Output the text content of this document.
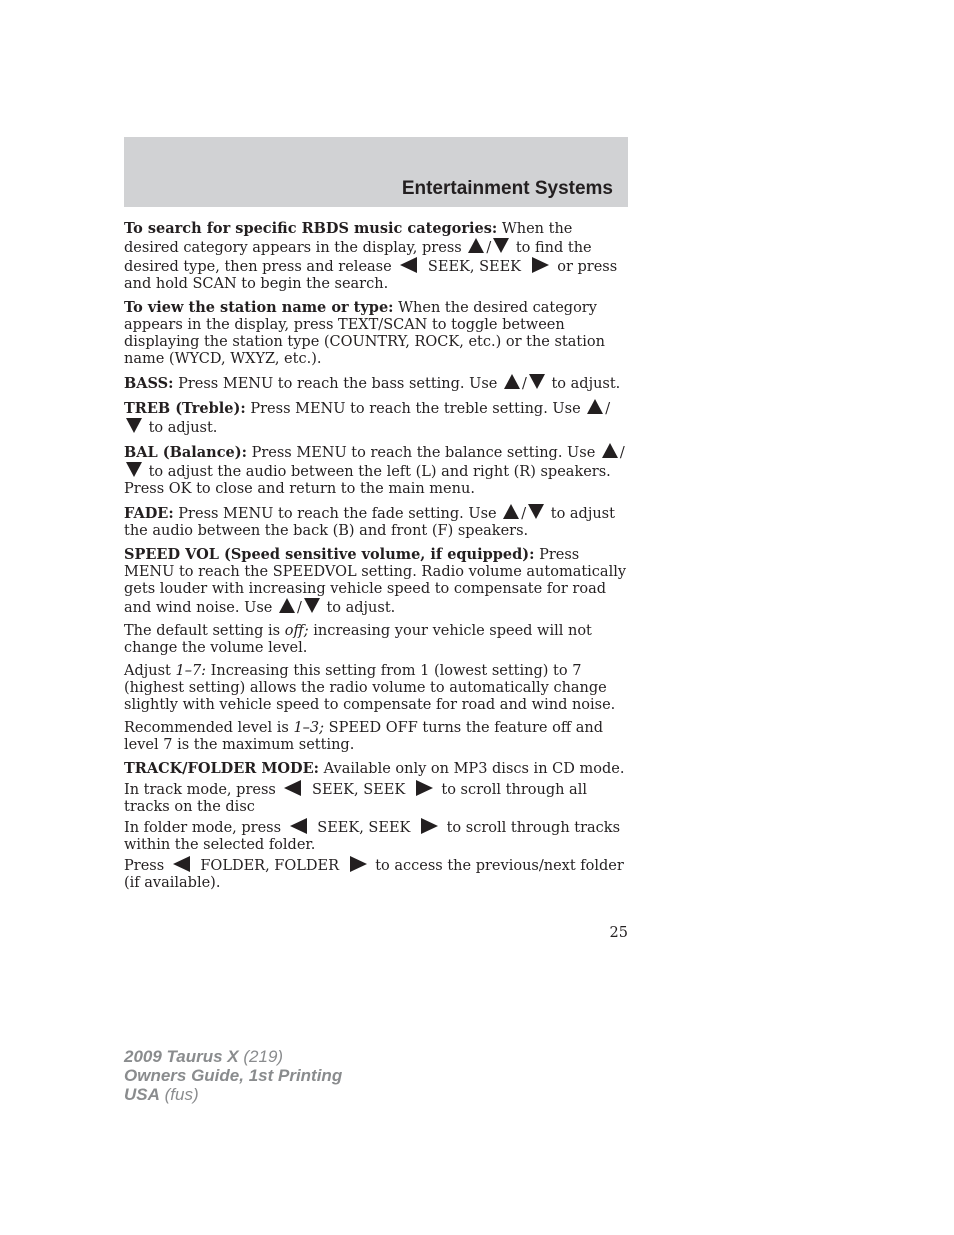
Entertainment Systems

To search for specific RBDS music categories: When the desired category appears in the display, press / to find the desired type, then press and release  SEEK, SEEK  or press and hold SCAN to begin the search.

To view the station name or type: When the desired category appears in the display, press TEXT/SCAN to toggle between displaying the station type (COUNTRY, ROCK, etc.) or the station name (WYCD, WXYZ, etc.).

BASS: Press MENU to reach the bass setting. Use / to adjust.

TREB (Treble): Press MENU to reach the treble setting. Use / to adjust.

BAL (Balance): Press MENU to reach the balance setting. Use / to adjust the audio between the left (L) and right (R) speakers. Press OK to close and return to the main menu.

FADE: Press MENU to reach the fade setting. Use / to adjust the audio between the back (B) and front (F) speakers.

SPEED VOL (Speed sensitive volume, if equipped): Press MENU to reach the SPEEDVOL setting. Radio volume automatically gets louder with increasing vehicle speed to compensate for road and wind noise. Use / to adjust.

The default setting is off; increasing your vehicle speed will not change the volume level.

Adjust 1–7: Increasing this setting from 1 (lowest setting) to 7 (highest setting) allows the radio volume to automatically change slightly with vehicle speed to compensate for road and wind noise.

Recommended level is 1–3; SPEED OFF turns the feature off and level 7 is the maximum setting.

TRACK/FOLDER MODE: Available only on MP3 discs in CD mode.

In track mode, press  SEEK, SEEK  to scroll through all tracks on the disc

In folder mode, press  SEEK, SEEK  to scroll through tracks within the selected folder.

Press  FOLDER, FOLDER  to access the previous/next folder (if available).

25
2009 Taurus X (219)
Owners Guide, 1st Printing
USA (fus)
